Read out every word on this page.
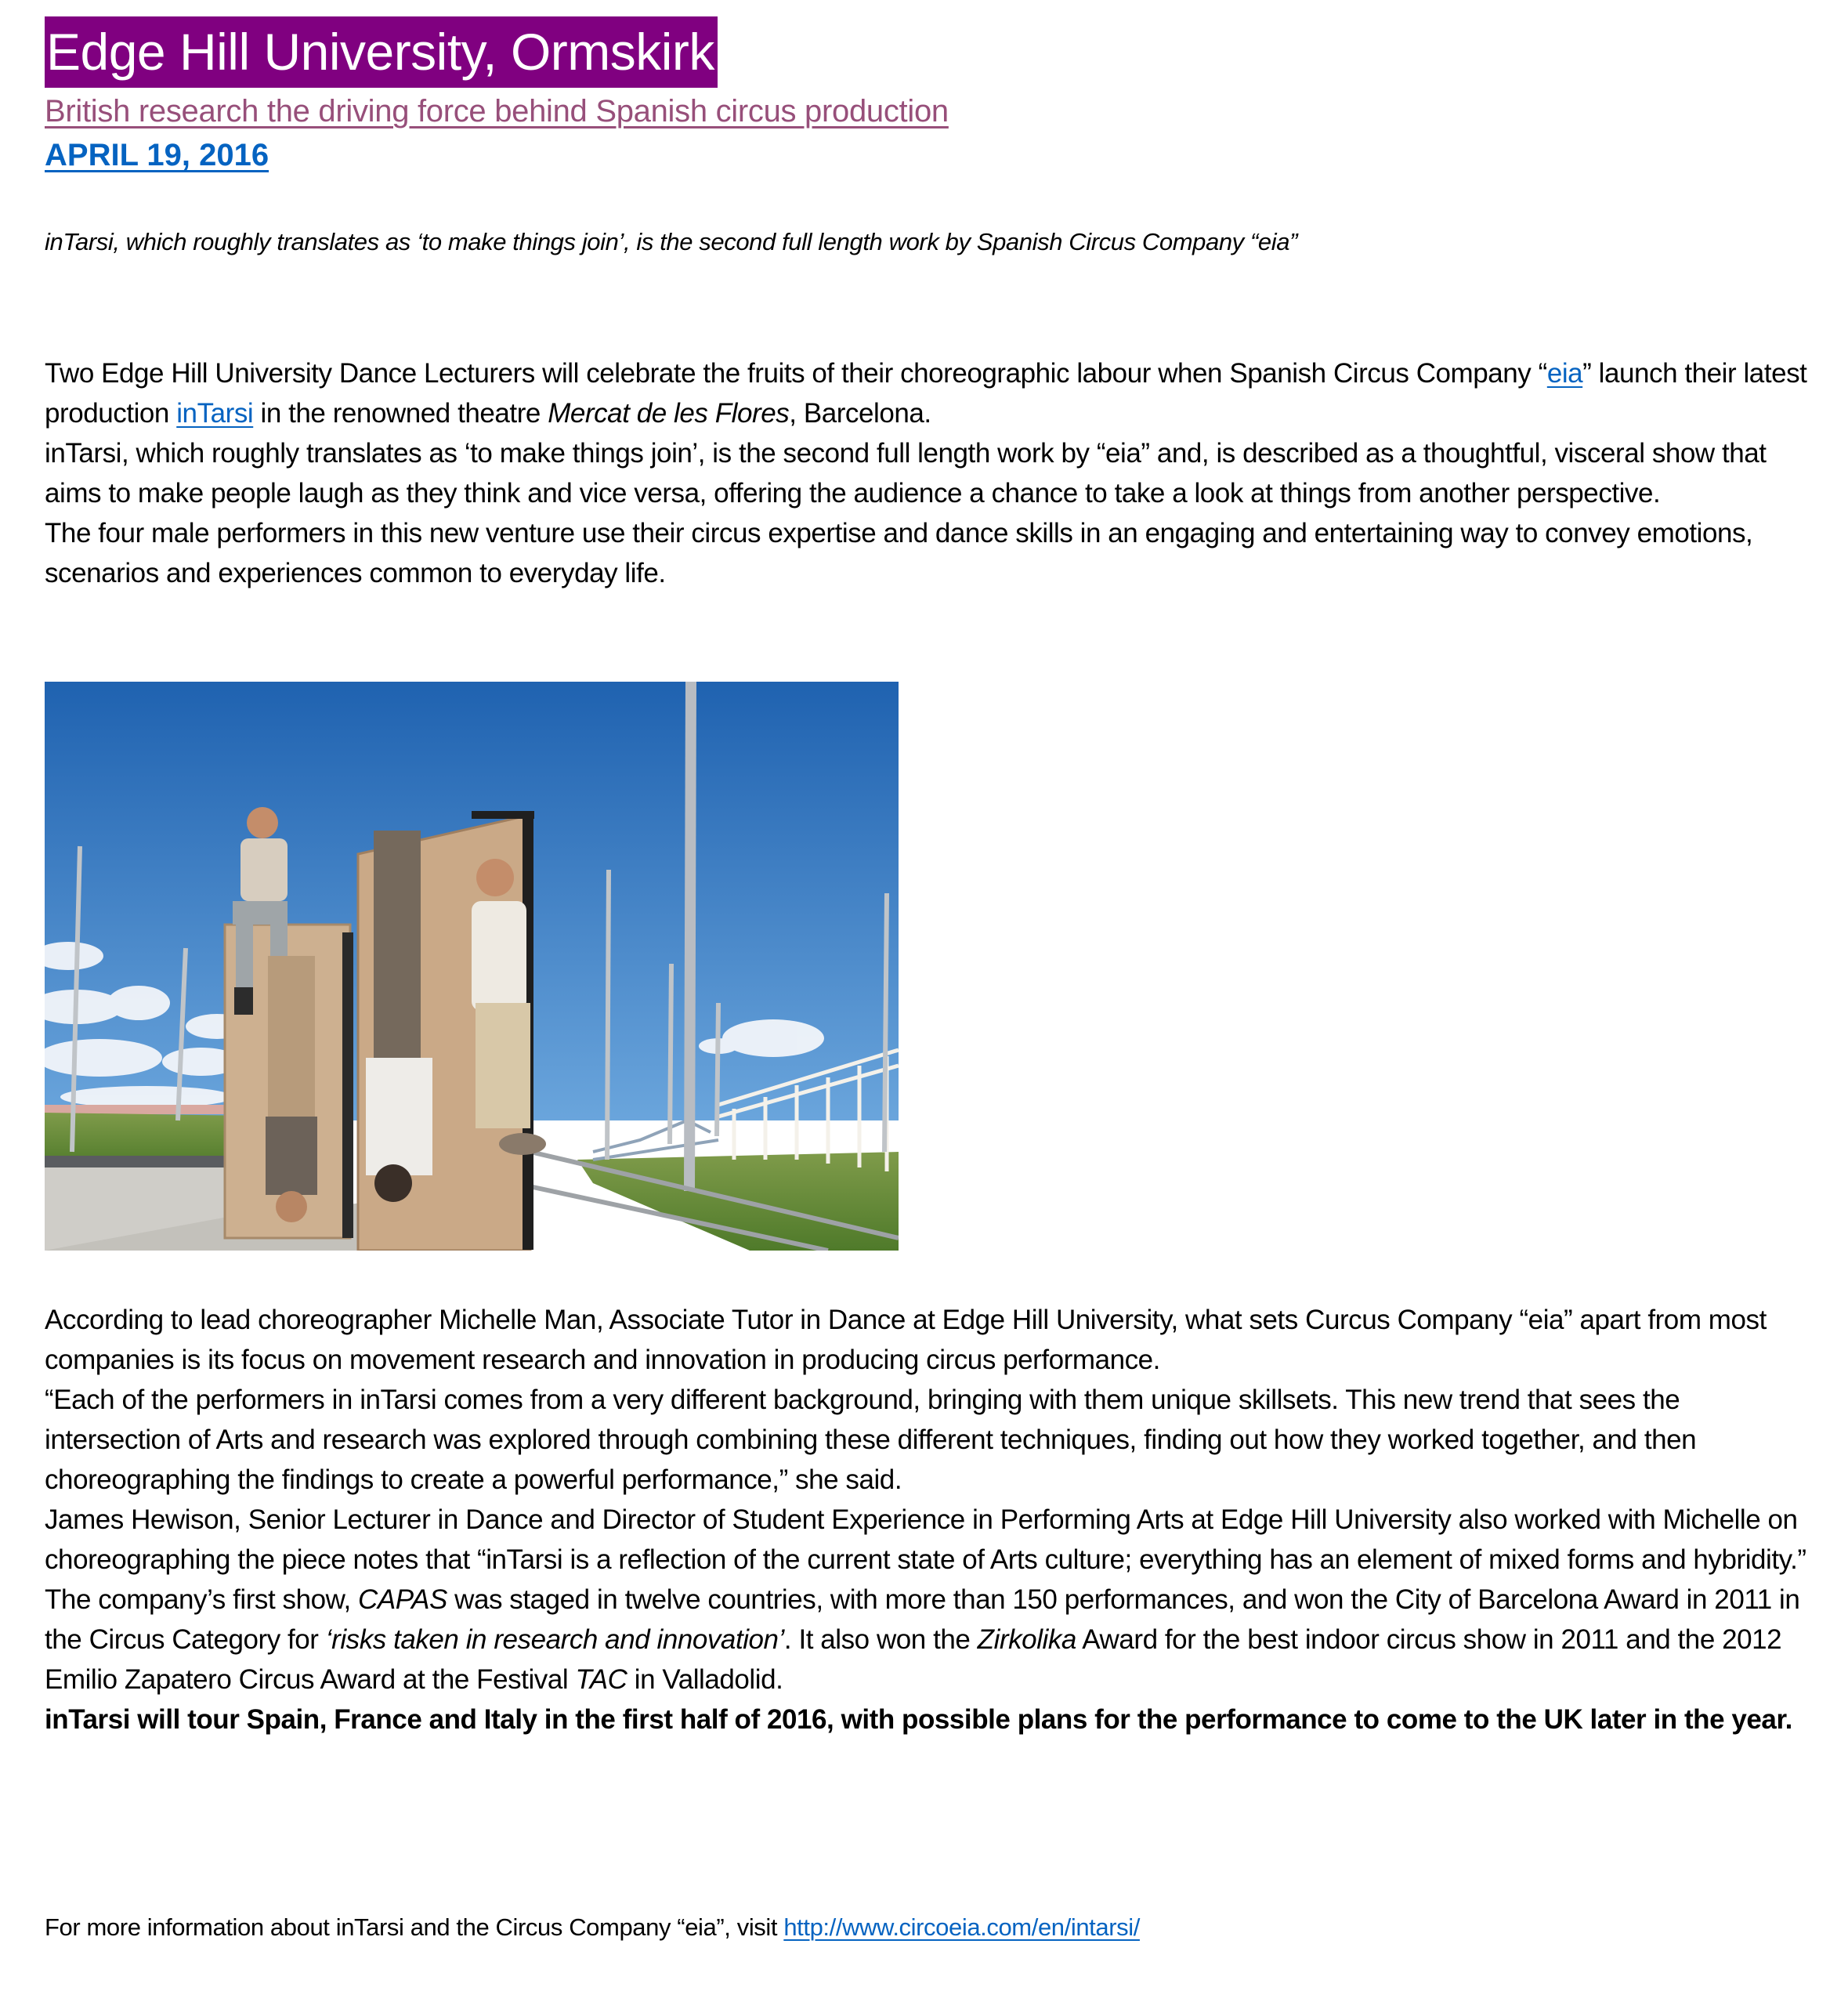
Edge Hill University, Ormskirk
British research the driving force behind Spanish circus production
APRIL 19, 2016
inTarsi, which roughly translates as ‘to make things join’, is the second full length work by Spanish Circus Company “eia”

Two Edge Hill University Dance Lecturers will celebrate the fruits of their choreographic labour when Spanish Circus Company “eia” launch their latest production inTarsi in the renowned theatre Mercat de les Flores, Barcelona.

inTarsi, which roughly translates as ‘to make things join’, is the second full length work by “eia” and, is described as a thoughtful, visceral show that aims to make people laugh as they think and vice versa, offering the audience a chance to take a look at things from another perspective.

The four male performers in this new venture use their circus expertise and dance skills in an engaging and entertaining way to convey emotions, scenarios and experiences common to everyday life.

According to lead choreographer Michelle Man, Associate Tutor in Dance at Edge Hill University, what sets Curcus Company “eia” apart from most companies is its focus on movement research and innovation in producing circus performance.

“Each of the performers in inTarsi comes from a very different background, bringing with them unique skillsets. This new trend that sees the intersection of Arts and research was explored through combining these different techniques, finding out how they worked together, and then choreographing the findings to create a powerful performance,” she said.

James Hewison, Senior Lecturer in Dance and Director of Student Experience in Performing Arts at Edge Hill University also worked with Michelle on choreographing the piece notes that “inTarsi is a reflection of the current state of Arts culture; everything has an element of mixed forms and hybridity.”

The company’s first show, CAPAS was staged in twelve countries, with more than 150 performances, and won the City of Barcelona Award in 2011 in the Circus Category for ‘risks taken in research and innovation’. It also won the Zirkolika Award for the best indoor circus show in 2011 and the 2012 Emilio Zapatero Circus Award at the Festival TAC in Valladolid.

inTarsi will tour Spain, France and Italy in the first half of 2016, with possible plans for the performance to come to the UK later in the year.

For more information about inTarsi and the Circus Company “eia”, visit http://www.circoeia.com/en/intarsi/
